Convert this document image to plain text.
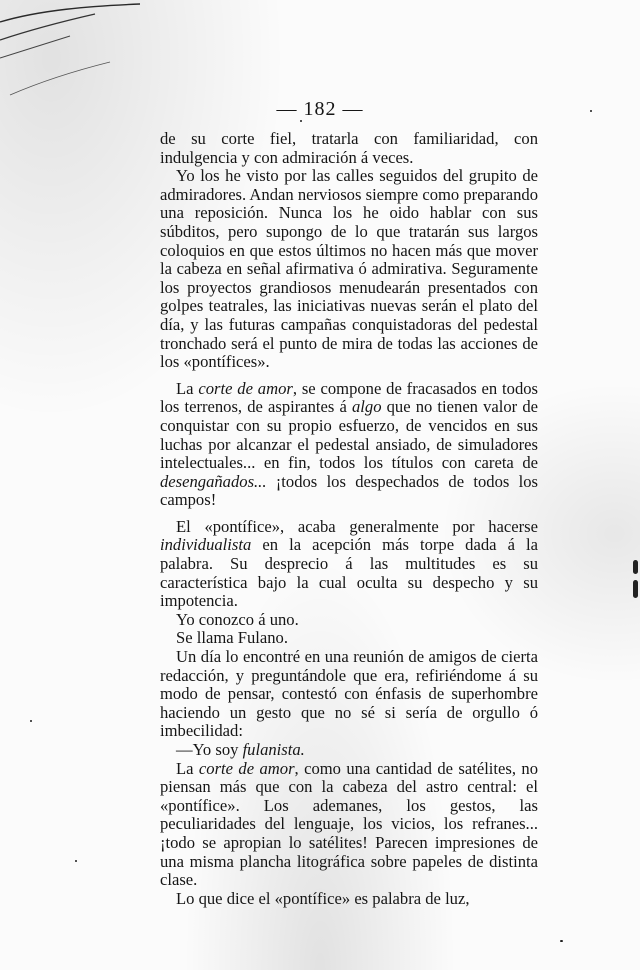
— 182 —

de su corte fiel, tratarla con familiaridad, con indulgencia y con admiración á veces.

Yo los he visto por las calles seguidos del grupito de admiradores. Andan nerviosos siempre como preparando una reposición. Nunca los he oido hablar con sus súbditos, pero supongo de lo que tratarán sus largos coloquios en que estos últimos no hacen más que mover la cabeza en señal afirmativa ó admirativa. Seguramente los proyectos grandiosos menudearán presentados con golpes teatrales, las iniciativas nuevas serán el plato del día, y las futuras campañas conquistadoras del pedestal tronchado será el punto de mira de todas las acciones de los «pontífices».

La corte de amor, se compone de fracasados en todos los terrenos, de aspirantes á algo que no tienen valor de conquistar con su propio esfuerzo, de vencidos en sus luchas por alcanzar el pedestal ansiado, de simuladores intelectuales... en fin, todos los títulos con careta de desengañados... ¡todos los despechados de todos los campos!

El «pontífice», acaba generalmente por hacerse individualista en la acepción más torpe dada á la palabra. Su desprecio á las multitudes es su característica bajo la cual oculta su despecho y su impotencia.

Yo conozco á uno.

Se llama Fulano.

Un día lo encontré en una reunión de amigos de cierta redacción, y preguntándole que era, refiriéndome á su modo de pensar, contestó con énfasis de superhombre haciendo un gesto que no sé si sería de orgullo ó imbecilidad:

—Yo soy fulanista.

La corte de amor, como una cantidad de satélites, no piensan más que con la cabeza del astro central: el «pontífice». Los ademanes, los gestos, las peculiaridades del lenguaje, los vicios, los refranes... ¡todo se apropian lo satélites! Parecen impresiones de una misma plancha litográfica sobre papeles de distinta clase.

Lo que dice el «pontífice» es palabra de luz,
